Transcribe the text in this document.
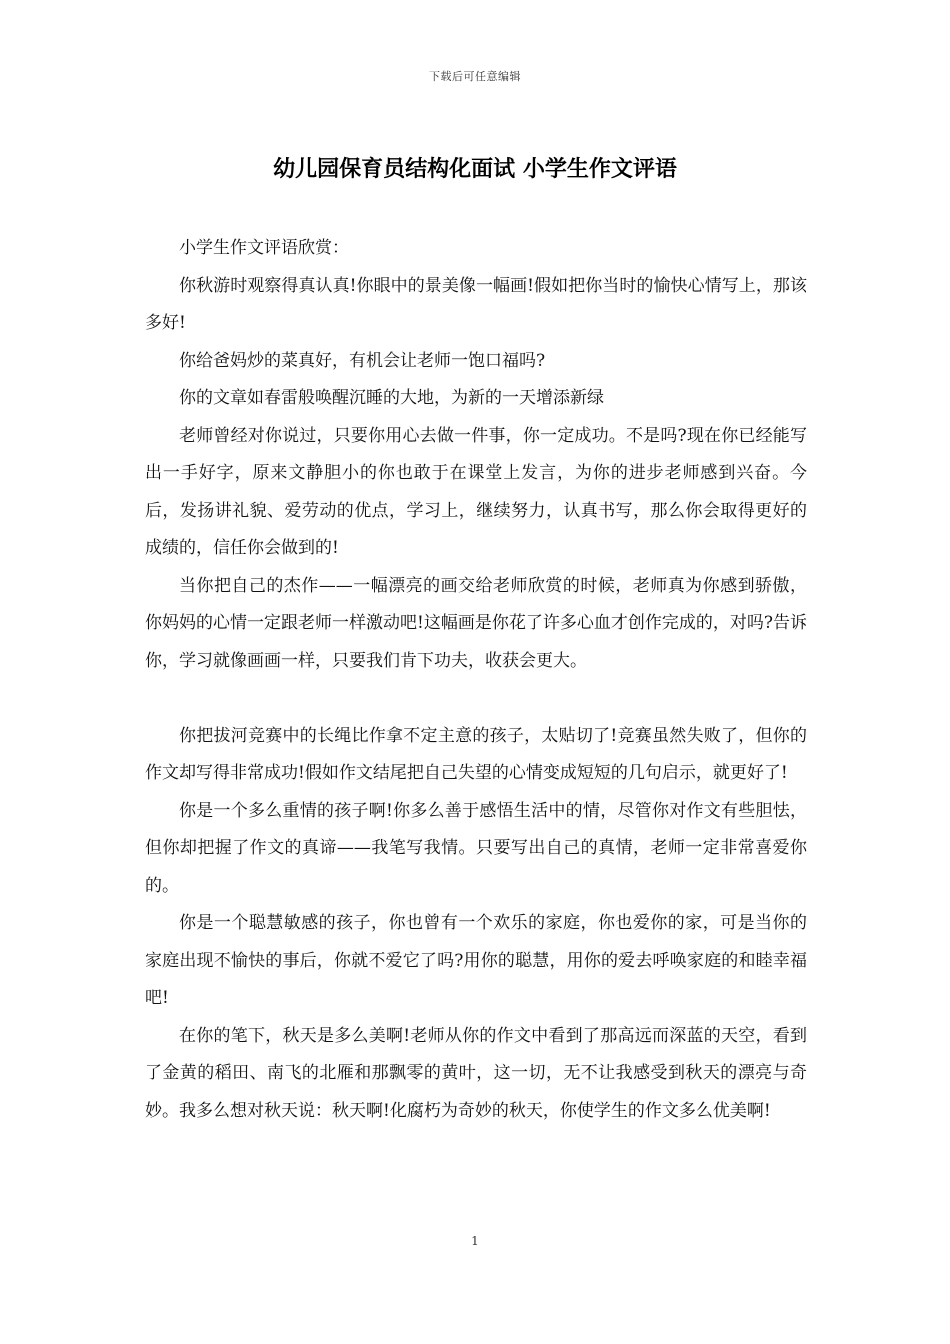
下载后可任意编辑
幼儿园保育员结构化面试 小学生作文评语

小学生作文评语欣赏：

你秋游时观察得真认真!你眼中的景美像一幅画!假如把你当时的愉快心情写上，那该多好!

你给爸妈炒的菜真好，有机会让老师一饱口福吗?

你的文章如春雷般唤醒沉睡的大地，为新的一天增添新绿

老师曾经对你说过，只要你用心去做一件事，你一定成功。不是吗?现在你已经能写出一手好字，原来文静胆小的你也敢于在课堂上发言，为你的进步老师感到兴奋。今后，发扬讲礼貌、爱劳动的优点，学习上，继续努力，认真书写，那么你会取得更好的成绩的，信任你会做到的!

当你把自己的杰作——一幅漂亮的画交给老师欣赏的时候，老师真为你感到骄傲，你妈妈的心情一定跟老师一样激动吧!这幅画是你花了许多心血才创作完成的，对吗?告诉你，学习就像画画一样，只要我们肯下功夫，收获会更大。

你把拔河竞赛中的长绳比作拿不定主意的孩子，太贴切了!竞赛虽然失败了，但你的作文却写得非常成功!假如作文结尾把自己失望的心情变成短短的几句启示，就更好了!

你是一个多么重情的孩子啊!你多么善于感悟生活中的情，尽管你对作文有些胆怯，但你却把握了作文的真谛——我笔写我情。只要写出自己的真情，老师一定非常喜爱你的。

你是一个聪慧敏感的孩子，你也曾有一个欢乐的家庭，你也爱你的家，可是当你的家庭出现不愉快的事后，你就不爱它了吗?用你的聪慧，用你的爱去呼唤家庭的和睦幸福吧!

在你的笔下，秋天是多么美啊!老师从你的作文中看到了那高远而深蓝的天空，看到了金黄的稻田、南飞的北雁和那飘零的黄叶，这一切，无不让我感受到秋天的漂亮与奇妙。我多么想对秋天说：秋天啊!化腐朽为奇妙的秋天，你使学生的作文多么优美啊!

1
